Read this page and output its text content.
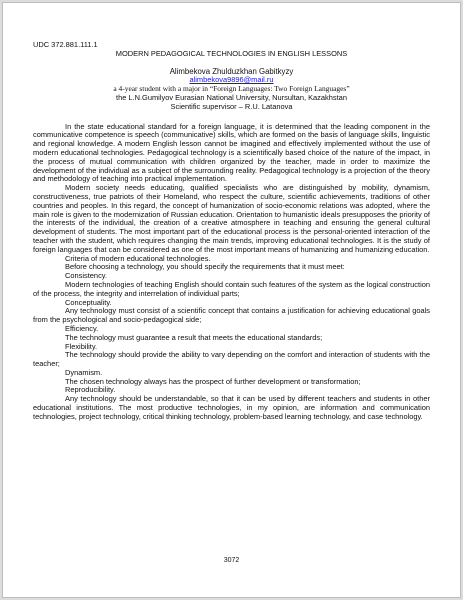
UDC 372.881.111.1

MODERN PEDAGOGICAL TECHNOLOGIES IN ENGLISH LESSONS

Alimbekova Zhulduzkhan Gabitkyzy

alimbekova9896@mail.ru

a 4-year student with a major in “Foreign Languages: Two Foreign Languages”

the L.N.Gumilyov Eurasian National University, Nursultan, Kazakhstan

Scientific supervisor – R.U. Latanova

In the state educational standard for a foreign language, it is determined that the leading component in the communicative competence is speech (communicative) skills, which are formed on the basis of language skills, linguistic and regional knowledge. A modern English lesson cannot be imagined and effectively implemented without the use of modern educational technologies. Pedagogical technology is a scientifically based choice of the nature of the impact, in the process of mutual communication with children organized by the teacher, made in order to maximize the development of the individual as a subject of the surrounding reality. Pedagogical technology is a projection of the theory and methodology of teaching into practical implementation.

Modern society needs educating, qualified specialists who are distinguished by mobility, dynamism, constructiveness, true patriots of their Homeland, who respect the culture, scientific achievements, traditions of other countries and peoples. In this regard, the concept of humanization of socio-economic relations was adopted, where the main role is given to the modernization of Russian education. Orientation to humanistic ideals presupposes the priority of the interests of the individual, the creation of a creative atmosphere in teaching and ensuring the general cultural development of students. The most important part of the educational process is the personal-oriented interaction of the teacher with the student, which requires changing the main trends, improving educational technologies. It is the study of foreign languages that can be considered as one of the most important means of humanizing and humanizing education.

Criteria of modern educational technologies.

Before choosing a technology, you should specify the requirements that it must meet:

Consistency.

Modern technologies of teaching English should contain such features of the system as the logical construction of the process, the integrity and interrelation of individual parts;

Conceptuality.

Any technology must consist of a scientific concept that contains a justification for achieving educational goals from the psychological and socio-pedagogical side;

Efficiency.

The technology must guarantee a result that meets the educational standards;

Flexibility.

The technology should provide the ability to vary depending on the comfort and interaction of students with the teacher;

Dynamism.

The chosen technology always has the prospect of further development or transformation;

Reproducibility.

Any technology should be understandable, so that it can be used by different teachers and students in other educational institutions. The most productive technologies, in my opinion, are information and communication technologies, project technology, critical thinking technology, problem-based learning technology, and case technology.

3072
